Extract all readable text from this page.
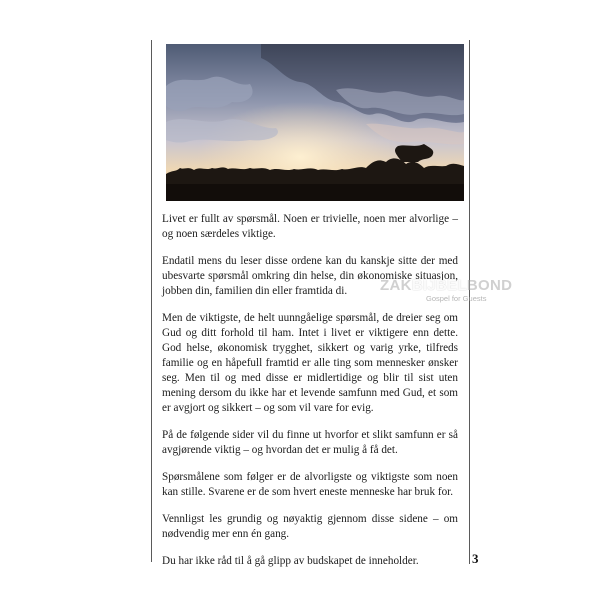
Livet er fullt av spørsmål. Noen er trivielle, noen mer alvorlige – og noen særdeles viktige.

Endatil mens du leser disse ordene kan du kanskje sitte der med ubesvarte spørsmål omkring din helse, din økonomiske situasjon, jobben din, familien din eller framtida di.

Men de viktigste, de helt uunngåelige spørsmål, de dreier seg om Gud og ditt forhold til ham. Intet i livet er viktigere enn dette. God helse, økonomisk trygghet, sikkert og varig yrke, tilfreds familie og en håpefull framtid er alle ting som mennesker ønsker seg. Men til og med disse er midlertidige og blir til sist uten mening dersom du ikke har et levende samfunn med Gud, et som er avgjort og sikkert – og som vil vare for evig.

På de følgende sider vil du finne ut hvorfor et slikt samfunn er så avgjørende viktig – og hvordan det er mulig å få det.

Spørsmålene som følger er de alvorligste og viktigste som noen kan stille. Svarene er de som hvert eneste menneske har bruk for.

Vennligst les grundig og nøyaktig gjennom disse sidene – om nødvendig mer enn én gang.

Du har ikke råd til å gå glipp av budskapet de inneholder.

ZAKBIJBELBOND
Gospel for Guests
3
